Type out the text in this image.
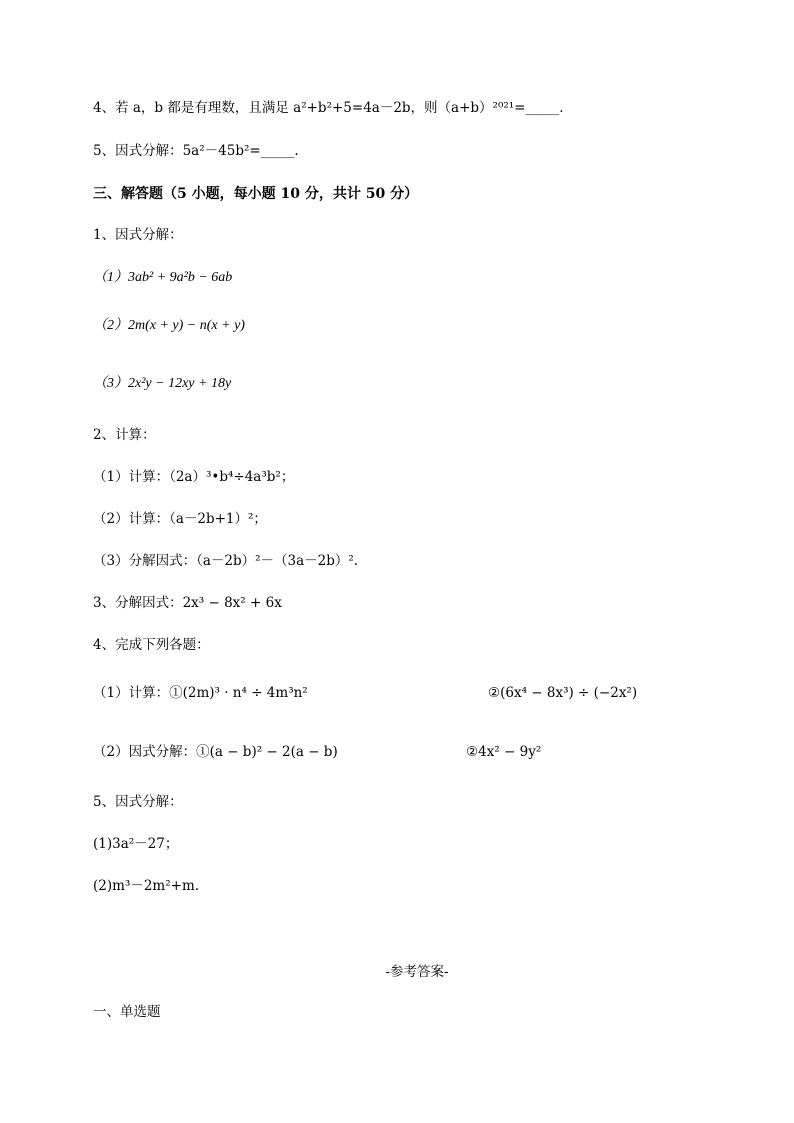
4、若 a，b 都是有理数，且满足 a²+b²+5=4a－2b，则（a+b）²⁰²¹=_____.
5、因式分解：5a²－45b²=_____.
三、解答题（5 小题，每小题 10 分，共计 50 分）
1、因式分解：
（1）3ab² + 9a²b − 6ab
（2）2m(x + y) − n(x + y)
（3）2x²y − 12xy + 18y
2、计算：
（1）计算：（2a）³•b⁴÷4a³b²；
（2）计算：（a－2b+1）²；
（3）分解因式：（a－2b）²－（3a－2b）².
3、分解因式：2x³ − 8x² + 6x
4、完成下列各题：
（1）计算：①(2m)³ · n⁴ ÷ 4m³n²	②(6x⁴ − 8x³) ÷ (−2x²)
（2）因式分解：①(a − b)² − 2(a − b)	②4x² − 9y²
5、因式分解：
(1)3a²－27；
(2)m³－2m²+m.
-参考答案-
一、单选题
